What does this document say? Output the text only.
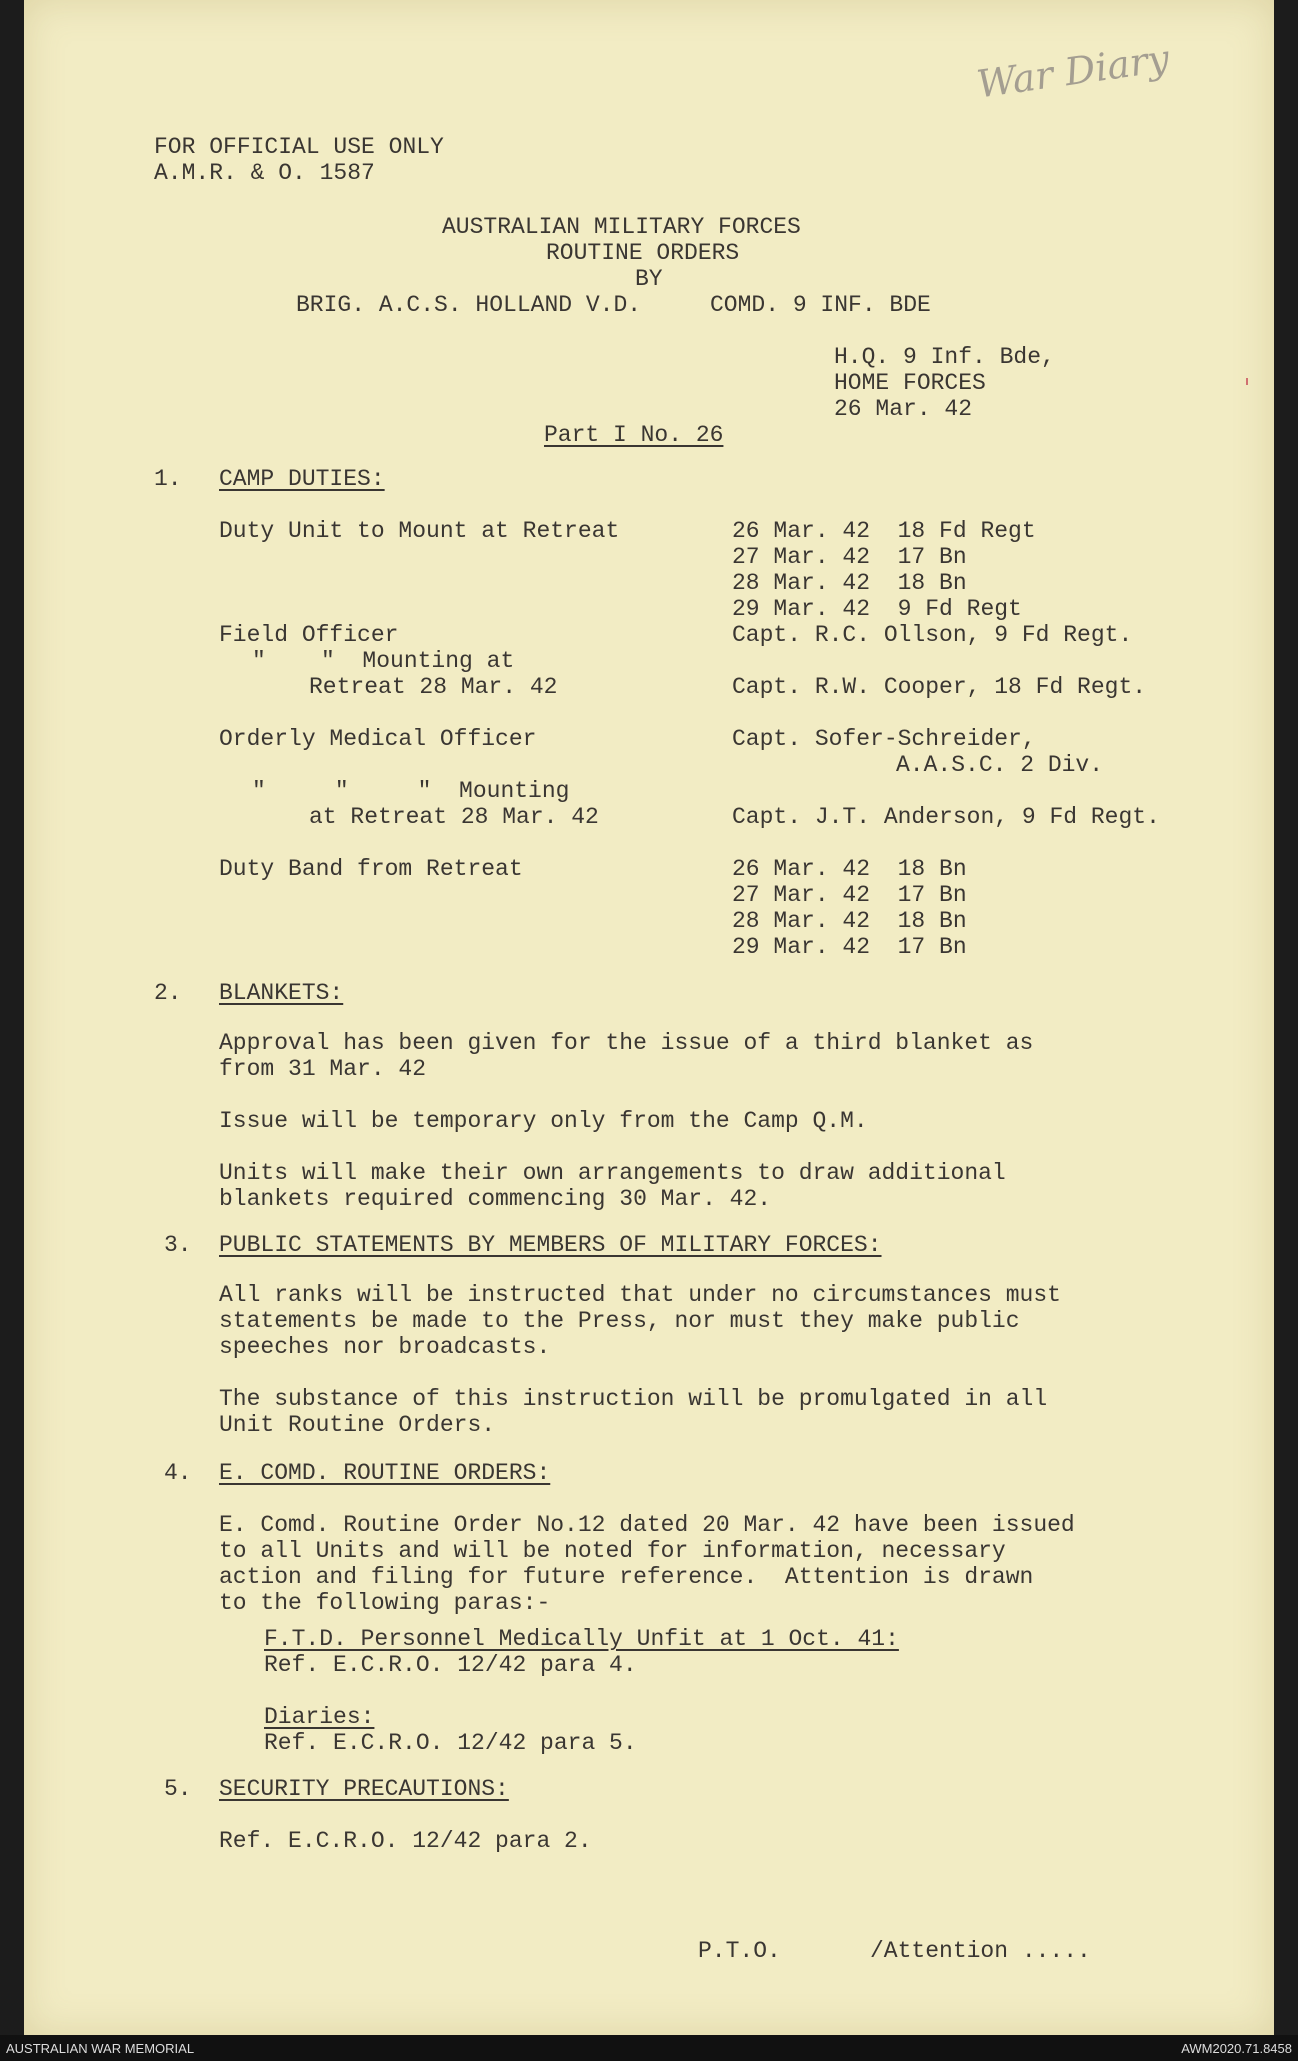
War Diary

FOR OFFICIAL USE ONLY

A.M.R. & O. 1587

AUSTRALIAN MILITARY FORCES

ROUTINE ORDERS

BY

BRIG. A.C.S. HOLLAND V.D.	COMD. 9 INF. BDE

H.Q. 9 Inf. Bde,

HOME FORCES

26 Mar. 42

Part I No. 26

1. CAMP DUTIES:

Duty Unit to Mount at Retreat	26 Mar. 42  18 Fd Regt

27 Mar. 42  17 Bn

28 Mar. 42  18 Bn

29 Mar. 42  9 Fd Regt

Field Officer	Capt. R.C. Ollson, 9 Fd Regt.

"    "  Mounting at

Retreat 28 Mar. 42	Capt. R.W. Cooper, 18 Fd Regt.

Orderly Medical Officer	Capt. Sofer-Schreider,

A.A.S.C. 2 Div.

"     "     "  Mounting

at Retreat 28 Mar. 42	Capt. J.T. Anderson, 9 Fd Regt.

Duty Band from Retreat	26 Mar. 42  18 Bn

27 Mar. 42  17 Bn

28 Mar. 42  18 Bn

29 Mar. 42  17 Bn

2. BLANKETS:

Approval has been given for the issue of a third blanket as

from 31 Mar. 42

Issue will be temporary only from the Camp Q.M.

Units will make their own arrangements to draw additional

blankets required commencing 30 Mar. 42.

3. PUBLIC STATEMENTS BY MEMBERS OF MILITARY FORCES:

All ranks will be instructed that under no circumstances must

statements be made to the Press, nor must they make public

speeches nor broadcasts.

The substance of this instruction will be promulgated in all

Unit Routine Orders.

4. E. COMD. ROUTINE ORDERS:

E. Comd. Routine Order No.12 dated 20 Mar. 42 have been issued

to all Units and will be noted for information, necessary

action and filing for future reference.  Attention is drawn

to the following paras:-

F.T.D. Personnel Medically Unfit at 1 Oct. 41:

Ref. E.C.R.O. 12/42 para 4.

Diaries:

Ref. E.C.R.O. 12/42 para 5.

5. SECURITY PRECAUTIONS:

Ref. E.C.R.O. 12/42 para 2.

P.T.O.	/Attention .....

AUSTRALIAN WAR MEMORIAL	AWM2020.71.8458
